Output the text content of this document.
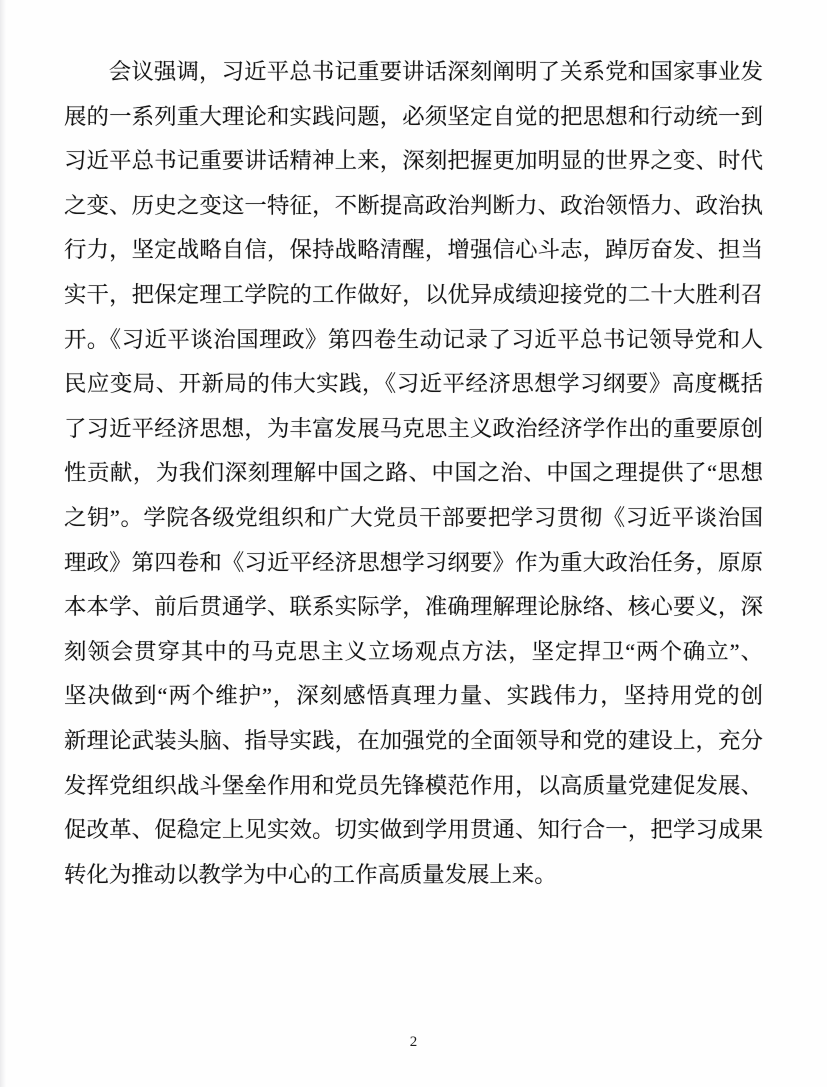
会议强调，习近平总书记重要讲话深刻阐明了关系党和国家事业发
展的一系列重大理论和实践问题，必须坚定自觉的把思想和行动统一到
习近平总书记重要讲话精神上来，深刻把握更加明显的世界之变、时代
之变、历史之变这一特征，不断提高政治判断力、政治领悟力、政治执
行力，坚定战略自信，保持战略清醒，增强信心斗志，踔厉奋发、担当
实干，把保定理工学院的工作做好，以优异成绩迎接党的二十大胜利召
开。《习近平谈治国理政》第四卷生动记录了习近平总书记领导党和人
民应变局、开新局的伟大实践，《习近平经济思想学习纲要》高度概括
了习近平经济思想，为丰富发展马克思主义政治经济学作出的重要原创
性贡献，为我们深刻理解中国之路、中国之治、中国之理提供了“思想
之钥”。学院各级党组织和广大党员干部要把学习贯彻《习近平谈治国
理政》第四卷和《习近平经济思想学习纲要》作为重大政治任务，原原
本本学、前后贯通学、联系实际学，准确理解理论脉络、核心要义，深
刻领会贯穿其中的马克思主义立场观点方法，坚定捍卫“两个确立”、
坚决做到“两个维护”，深刻感悟真理力量、实践伟力，坚持用党的创
新理论武装头脑、指导实践，在加强党的全面领导和党的建设上，充分
发挥党组织战斗堡垒作用和党员先锋模范作用，以高质量党建促发展、
促改革、促稳定上见实效。切实做到学用贯通、知行合一，把学习成果
转化为推动以教学为中心的工作高质量发展上来。
2
